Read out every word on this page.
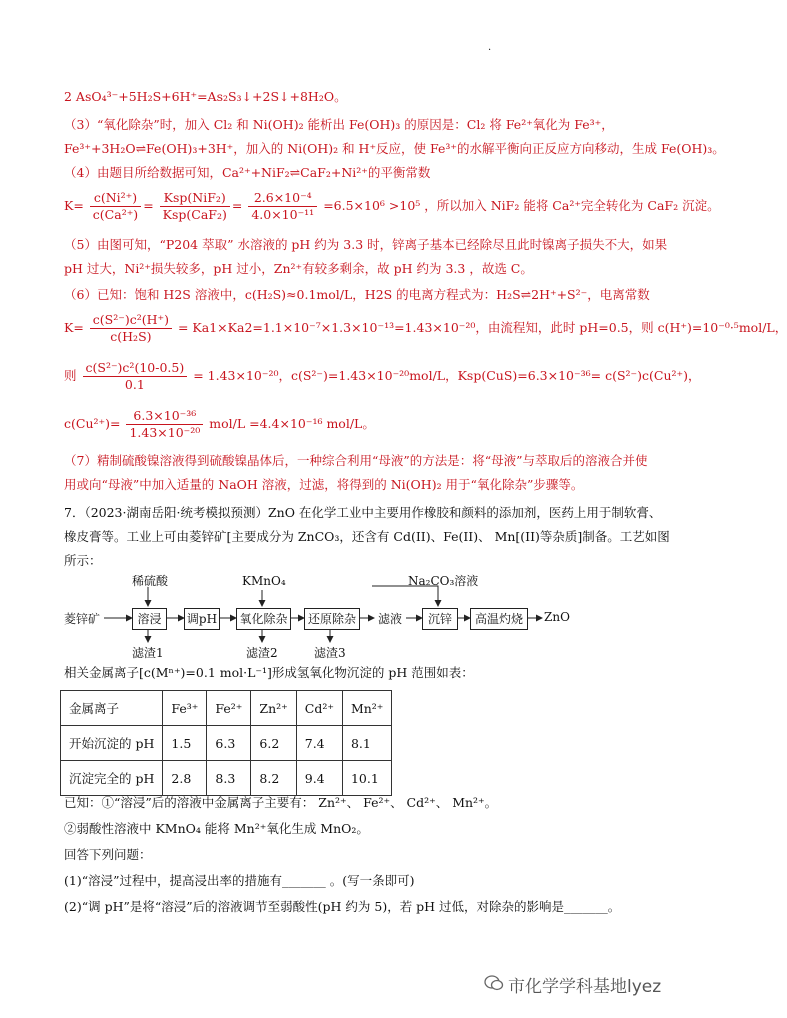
.
2 AsO₄³⁻+5H₂S+6H⁺=As₂S₃↓+2S↓+8H₂O。
（3）“氧化除杂”时，加入 Cl₂ 和 Ni(OH)₂ 能析出 Fe(OH)₃ 的原因是：Cl₂ 将 Fe²⁺氧化为 Fe³⁺，
Fe³⁺+3H₂O⇌Fe(OH)₃+3H⁺，加入的 Ni(OH)₂ 和 H⁺反应，使 Fe³⁺的水解平衡向正反应方向移动，生成 Fe(OH)₃。
（4）由题目所给数据可知，Ca²⁺+NiF₂⇌CaF₂+Ni²⁺的平衡常数
$K= \frac{\text{c(Ni²⁺)}}{\text{c(Ca²⁺)}} = \frac{\text{Ksp(NiF₂)}}{\text{Ksp(CaF₂)}} = \frac{\text{2.6×10⁻⁴}}{\text{4.0×10⁻¹¹}} =6.5\times 10^6 >10^5$ ，所以加入 NiF₂ 能将 Ca²⁺完全转化为 CaF₂ 沉淀。
（5）由图可知，“P204 萃取” 水溶液的 pH 约为 3.3 时，锌离子基本已经除尽且此时镍离子损失不大，如果
pH 过大，Ni²⁺损失较多，pH 过小，Zn²⁺有较多剩余，故 pH 约为 3.3 ，故选 C。
（6）已知：饱和 H2S 溶液中，c(H₂S)≈0.1mol/L，H2S 的电离方程式为：H₂S⇌2H⁺+S²⁻，电离常数
$K= \frac{\text{c(S²⁻)c²(H⁺)}}{\text{c(H₂S)}} = Ka1\times Ka2=1.1\times 10^{-7}\times 1.3\times 10^{-13}=1.43\times 10^{-20}$，由流程知，此时 pH=0.5，则 c(H⁺)=10⁻⁰·⁵mol/L，
则 $\frac{\text{c(S²⁻)c²(10-0.5)}}{0.1} = 1.43\times 10^{-20}$，c(S²⁻)=1.43×10⁻²⁰mol/L，Ksp(CuS)=6.3×10⁻³⁶= c(S²⁻)c(Cu²⁺)，
$c(Cu^{2+})= \frac{\text{6.3×10⁻³⁶}}{\text{1.43×10⁻²⁰}} mol/L =4.4\times 10^{-16}$ mol/L。
（7）精制硫酸镍溶液得到硫酸镍晶体后，一种综合利用“母液”的方法是：将“母液”与萃取后的溶液合并使
用或向“母液”中加入适量的 NaOH 溶液，过滤，将得到的 Ni(OH)₂ 用于“氧化除杂”步骤等。
7．（2023·湖南岳阳·统考模拟预测）ZnO 在化学工业中主要用作橡胶和颜料的添加剂，医药上用于制软膏、
橡皮膏等。工业上可由菱锌矿[主要成分为 ZnCO₃，还含有 Cd(II)、Fe(II)、 Mn[(II)等杂质]制备。工艺如图
所示：
稀硫酸	KMnO₄	Na₂CO₃溶液
菱锌矿	溶浸	调pH 氧化除杂	还原除杂	滤液	沉锌	高温灼烧	ZnO
滤渣1	滤渣2	滤渣3
相关金属离子[c(Mⁿ⁺)=0.1 mol·L⁻¹]形成氢氧化物沉淀的 pH 范围如表：
金属离子	Fe³⁺	Fe²⁺	Zn²⁺	Cd²⁺	Mn²⁺
开始沉淀的 pH	1.5	6.3	6.2	7.4	8.1
沉淀完全的 pH	2.8	8.3	8.2	9.4	10.1
已知：①“溶浸”后的溶液中金属离子主要有： Zn²⁺、 Fe²⁺、 Cd²⁺、 Mn²⁺。
②弱酸性溶液中 KMnO₄ 能将 Mn²⁺氧化生成 MnO₂。
回答下列问题：
(1)“溶浸”过程中，提高浸出率的措施有_______ 。(写一条即可)
(2)“调 pH”是将“溶浸”后的溶液调节至弱酸性(pH 约为 5)，若 pH 过低，对除杂的影响是_______。
市化学学科基地lyez
